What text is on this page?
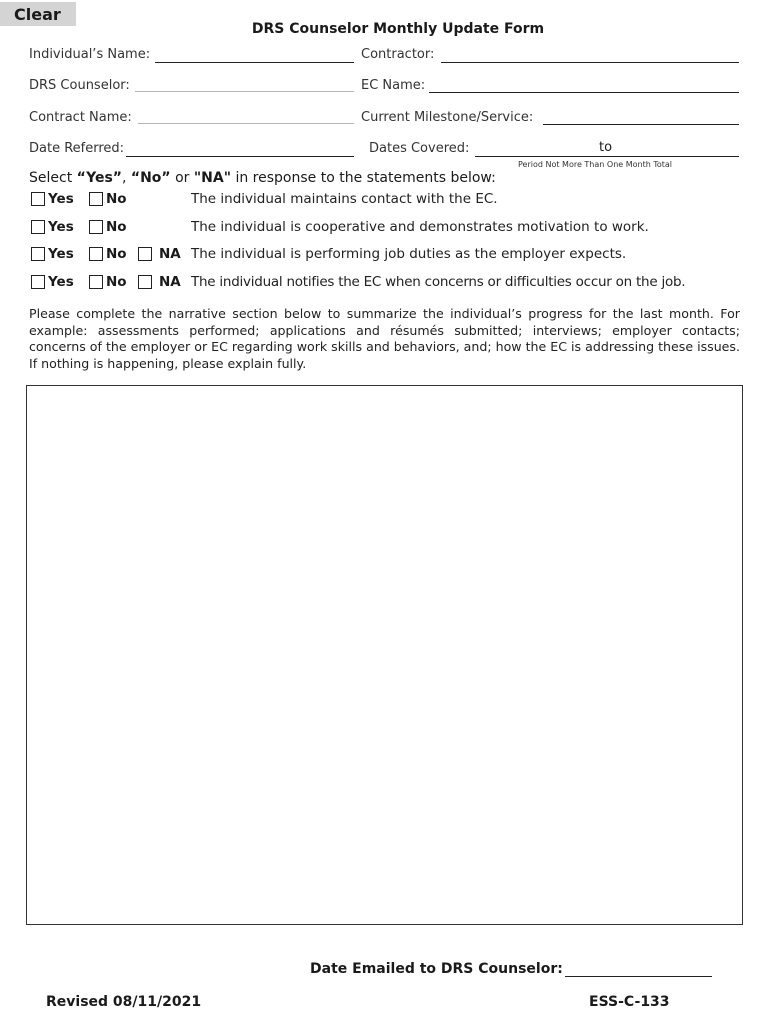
Clear
DRS Counselor Monthly Update Form
Individual’s Name:	Contractor:
DRS Counselor:	EC Name:
Contract Name:	Current Milestone/Service:
Date Referred:	Dates Covered:	to
Period Not More Than One Month Total
Select “Yes”, “No” or "NA" in response to the statements below:
Yes No	The individual maintains contact with the EC.
Yes No	The individual is cooperative and demonstrates motivation to work.
Yes No NA The individual is performing job duties as the employer expects.
Yes No NA The individual notifies the EC when concerns or difficulties occur on the job.
Please complete the narrative section below to summarize the individual’s progress for the last month. For example: assessments performed; applications and résumés submitted; interviews; employer contacts; concerns of the employer or EC regarding work skills and behaviors, and; how the EC is addressing these issues. If nothing is happening, please explain fully.
Date Emailed to DRS Counselor:
Revised 08/11/2021	ESS-C-133
